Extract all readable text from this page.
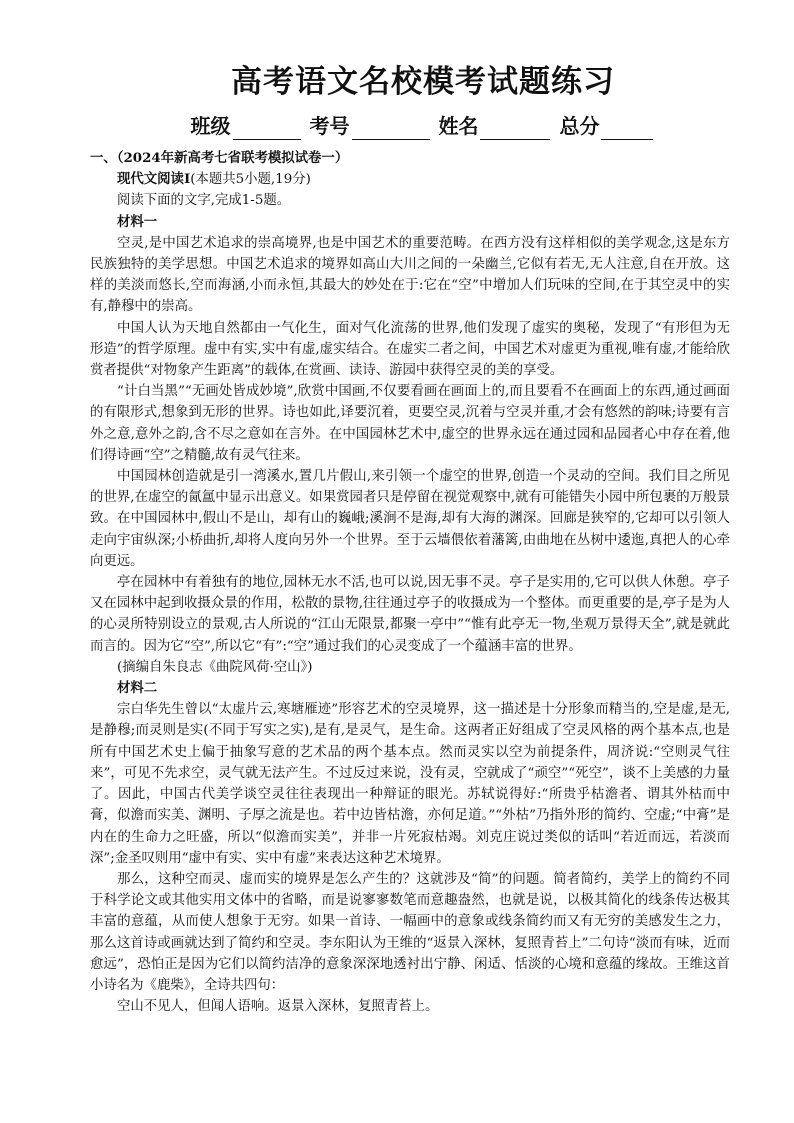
高考语文名校模考试题练习
班级	考号	姓名	总分
一、（2024年新高考七省联考模拟试卷一）
现代文阅读Ⅰ(本题共5小题,19分)
阅读下面的文字,完成1-5题。
材料一

空灵,是中国艺术追求的崇高境界,也是中国艺术的重要范畴。在西方没有这样相似的美学观念,这是东方民族独特的美学思想。中国艺术追求的境界如高山大川之间的一朵幽兰,它似有若无,无人注意,自在开放。这样的美淡而悠长,空而海涵,小而永恒,其最大的妙处在于:它在“空”中增加人们玩味的空间,在于其空灵中的实有,静穆中的崇高。

中国人认为天地自然都由一气化生，面对气化流荡的世界,他们发现了虚实的奥秘，发现了“有形但为无形造”的哲学原理。虚中有实,实中有虚,虚实结合。在虚实二者之间，中国艺术对虚更为重视,唯有虚,才能给欣赏者提供“对物象产生距离”的载体,在赏画、读诗、游园中获得空灵的美的享受。

“计白当黑”“无画处皆成妙境”,欣赏中国画,不仅要看画在画面上的,而且要看不在画面上的东西,通过画面的有限形式,想象到无形的世界。诗也如此,译要沉着，更要空灵,沉着与空灵并重,才会有悠然的韵味;诗要有言外之意,意外之韵,含不尽之意如在言外。在中国园林艺术中,虚空的世界永远在通过园和品园者心中存在着,他们得诗画“空”之精髓,故有灵气往来。

中国园林创造就是引一湾溪水,置几片假山,来引领一个虚空的世界,创造一个灵动的空间。我们目之所见的世界,在虚空的氤氲中显示出意义。如果赏园者只是停留在视觉观察中,就有可能错失小园中所包裹的万般景致。在中国园林中,假山不是山，却有山的巍峨;溪涧不是海,却有大海的渊深。回廊是狭窄的,它却可以引领人走向宇宙纵深;小桥曲折,却将人度向另外一个世界。至于云墙偎依着藩篱,由曲地在丛树中逶迤,真把人的心牵向更远。

亭在园林中有着独有的地位,园林无水不活,也可以说,因无事不灵。亭子是实用的,它可以供人休憩。亭子又在园林中起到收摄众景的作用，松散的景物,往往通过亭子的收摄成为一个整体。而更重要的是,亭子是为人的心灵所特别设立的景观,古人所说的“江山无限景,都聚一亭中”“惟有此亭无一物,坐观万景得天全”,就是就此而言的。因为它“空”,所以它“有”:“空”通过我们的心灵变成了一个蕴涵丰富的世界。

(摘编自朱良志《曲院风荷·空山》)
材料二

宗白华先生曾以“太虚片云,寒塘雁迹”形容艺术的空灵境界，这一描述是十分形象而精当的,空是虚,是无,是静穆;而灵则是实(不同于写实之实),是有,是灵气，是生命。这两者正好组成了空灵风格的两个基本点,也是所有中国艺术史上偏于抽象写意的艺术品的两个基本点。然而灵实以空为前提条件，周济说:“空则灵气往来”，可见不先求空，灵气就无法产生。不过反过来说，没有灵，空就成了“顽空”“死空”，谈不上美感的力量了。因此，中国古代美学谈空灵往往表现出一种辩证的眼光。苏轼说得好:“所贵乎枯澹者、谓其外枯而中膏，似澹而实美、渊明、子厚之流是也。若中边皆枯澹，亦何足道。”“外枯”乃指外形的简约、空虚;“中膏”是内在的生命力之旺盛，所以“似澹而实美”，并非一片死寂枯竭。刘克庄说过类似的话叫“若近而远，若淡而深”;金圣叹则用“虚中有实、实中有虚”来表达这种艺术境界。

那么，这种空而灵、虚而实的境界是怎么产生的？这就涉及“简”的问题。简者简约，美学上的简约不同于科学论文或其他实用文体中的省略，而是说寥寥数笔而意趣盎然，也就是说，以极其简化的线条传达极其丰富的意蕴，从而使人想象于无穷。如果一首诗、一幅画中的意象或线条简约而又有无穷的美感发生之力，那么这首诗或画就达到了简约和空灵。李东阳认为王维的“返景入深林，复照青苔上”二句诗“淡而有味，近而愈远”，恐怕正是因为它们以简约洁净的意象深深地透衬出宁静、闲适、恬淡的心境和意蕴的缘故。王维这首小诗名为《鹿柴》，全诗共四句：

空山不见人，但闻人语响。返景入深林，复照青苔上。
